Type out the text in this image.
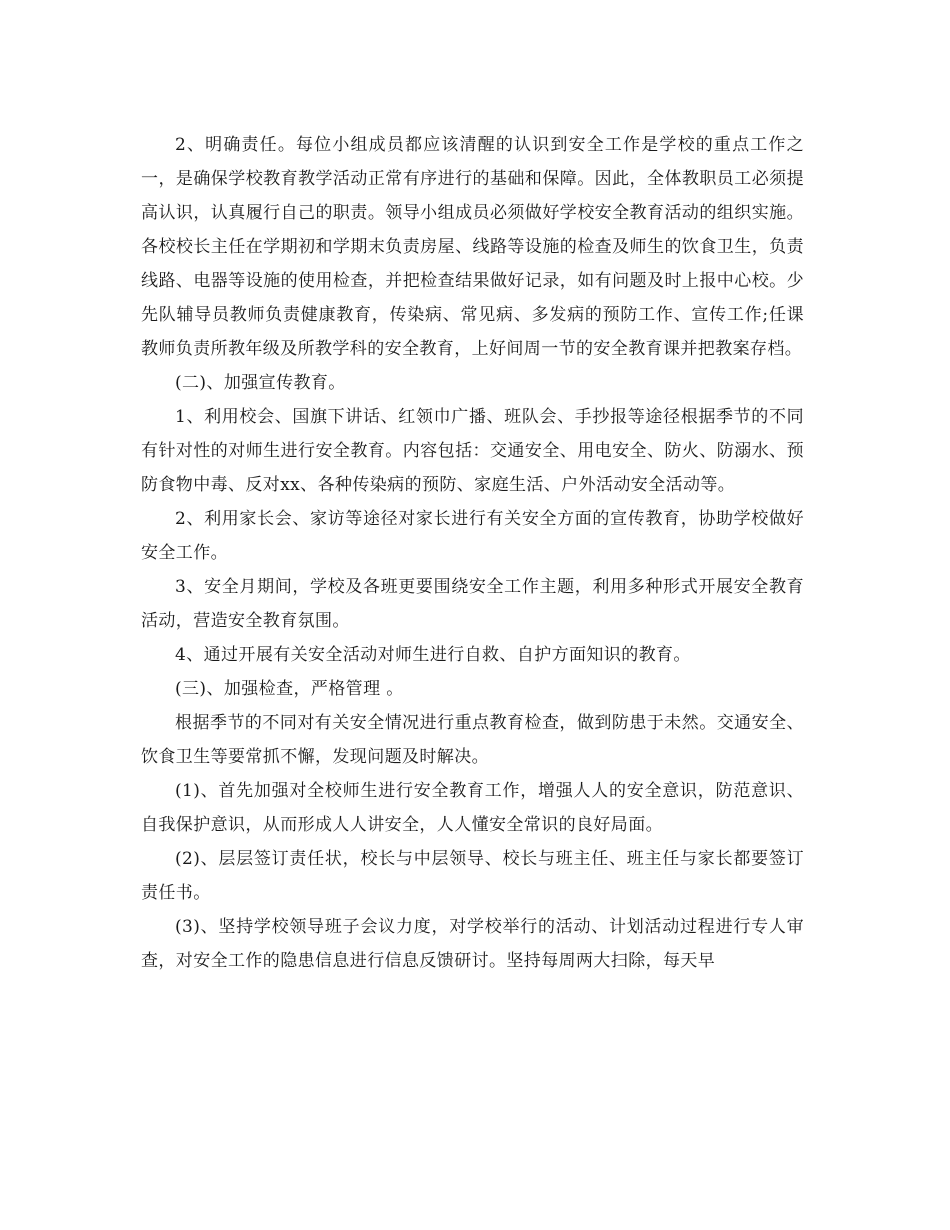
2、明确责任。每位小组成员都应该清醒的认识到安全工作是学校的重点工作之一，是确保学校教育教学活动正常有序进行的基础和保障。因此，全体教职员工必须提高认识，认真履行自己的职责。领导小组成员必须做好学校安全教育活动的组织实施。各校校长主任在学期初和学期末负责房屋、线路等设施的检查及师生的饮食卫生，负责线路、电器等设施的使用检查，并把检查结果做好记录，如有问题及时上报中心校。少先队辅导员教师负责健康教育，传染病、常见病、多发病的预防工作、宣传工作;任课教师负责所教年级及所教学科的安全教育，上好间周一节的安全教育课并把教案存档。

(二)、加强宣传教育。

1、利用校会、国旗下讲话、红领巾广播、班队会、手抄报等途径根据季节的不同有针对性的对师生进行安全教育。内容包括：交通安全、用电安全、防火、防溺水、预防食物中毒、反对xx、各种传染病的预防、家庭生活、户外活动安全活动等。

2、利用家长会、家访等途径对家长进行有关安全方面的宣传教育，协助学校做好安全工作。

3、安全月期间，学校及各班更要围绕安全工作主题，利用多种形式开展安全教育活动，营造安全教育氛围。

4、通过开展有关安全活动对师生进行自救、自护方面知识的教育。

(三)、加强检查，严格管理 。

根据季节的不同对有关安全情况进行重点教育检查，做到防患于未然。交通安全、饮食卫生等要常抓不懈，发现问题及时解决。

(1)、首先加强对全校师生进行安全教育工作，增强人人的安全意识，防范意识、自我保护意识，从而形成人人讲安全，人人懂安全常识的良好局面。

(2)、层层签订责任状，校长与中层领导、校长与班主任、班主任与家长都要签订责任书。

(3)、坚持学校领导班子会议力度，对学校举行的活动、计划活动过程进行专人审查，对安全工作的隐患信息进行信息反馈研讨。坚持每周两大扫除，每天早
